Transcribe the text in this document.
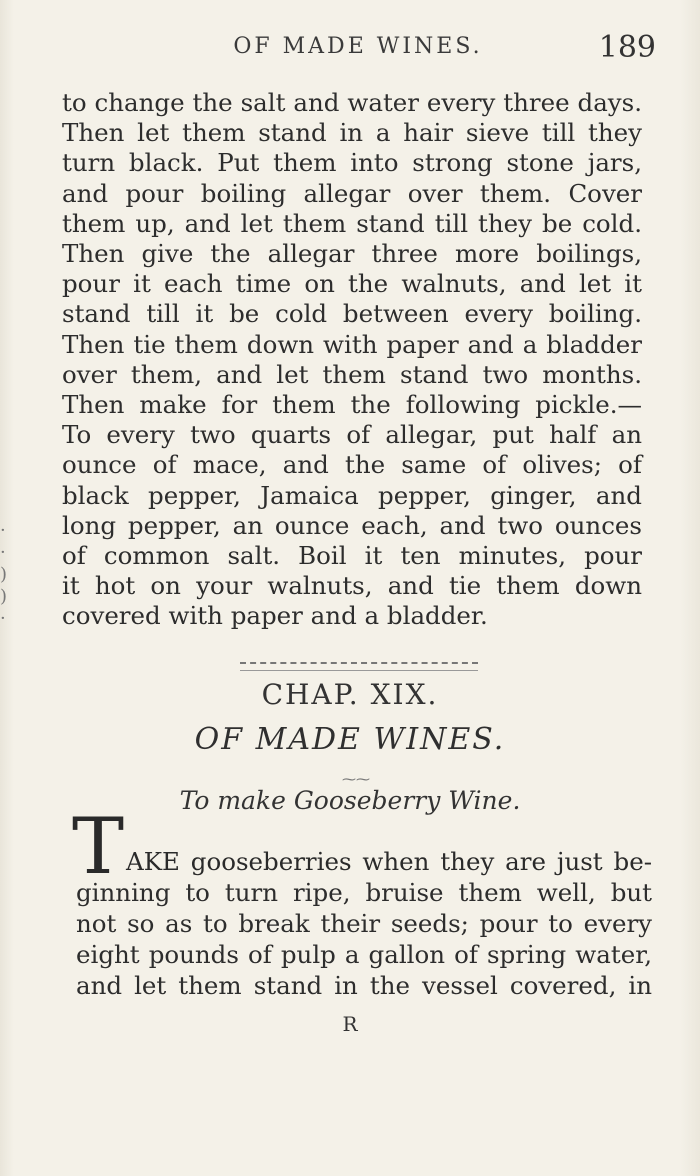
·
·
)
)
·
OF MADE WINES.	189
to change the salt and water every three days.
Then let them stand in a hair sieve till they
turn black. Put them into strong stone jars,
and pour boiling allegar over them. Cover
them up, and let them stand till they be cold.
Then give the allegar three more boilings,
pour it each time on the walnuts, and let it
stand till it be cold between every boiling.
Then tie them down with paper and a bladder
over them, and let them stand two months.
Then make for them the following pickle.—
To every two quarts of allegar, put half an
ounce of mace, and the same of olives; of
black pepper, Jamaica pepper, ginger, and
long pepper, an ounce each, and two ounces
of common salt. Boil it ten minutes, pour
it hot on your walnuts, and tie them down
covered with paper and a bladder.
CHAP. XIX.
OF MADE WINES.
⁓⁓
To make Gooseberry Wine.
T AKE gooseberries when they are just be-
ginning to turn ripe, bruise them well, but
not so as to break their seeds; pour to every
eight pounds of pulp a gallon of spring water,
and let them stand in the vessel covered, in
R
